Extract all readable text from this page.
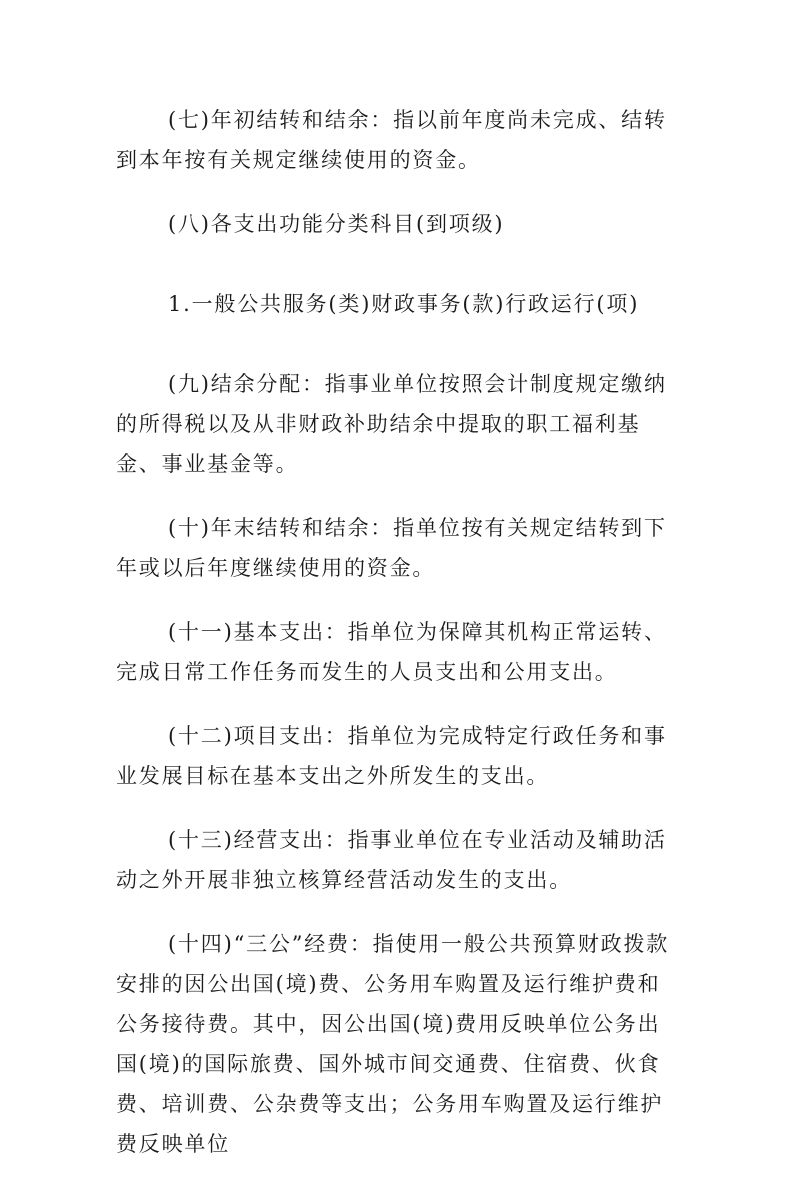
(七)年初结转和结余：指以前年度尚未完成、结转到本年按有关规定继续使用的资金。

(八)各支出功能分类科目(到项级)

1.一般公共服务(类)财政事务(款)行政运行(项)

(九)结余分配：指事业单位按照会计制度规定缴纳的所得税以及从非财政补助结余中提取的职工福利基金、事业基金等。

(十)年末结转和结余：指单位按有关规定结转到下年或以后年度继续使用的资金。

(十一)基本支出：指单位为保障其机构正常运转、完成日常工作任务而发生的人员支出和公用支出。

(十二)项目支出：指单位为完成特定行政任务和事业发展目标在基本支出之外所发生的支出。

(十三)经营支出：指事业单位在专业活动及辅助活动之外开展非独立核算经营活动发生的支出。

(十四)“三公”经费：指使用一般公共预算财政拨款安排的因公出国(境)费、公务用车购置及运行维护费和公务接待费。其中，因公出国(境)费用反映单位公务出国(境)的国际旅费、国外城市间交通费、住宿费、伙食费、培训费、公杂费等支出；公务用车购置及运行维护费反映单位
